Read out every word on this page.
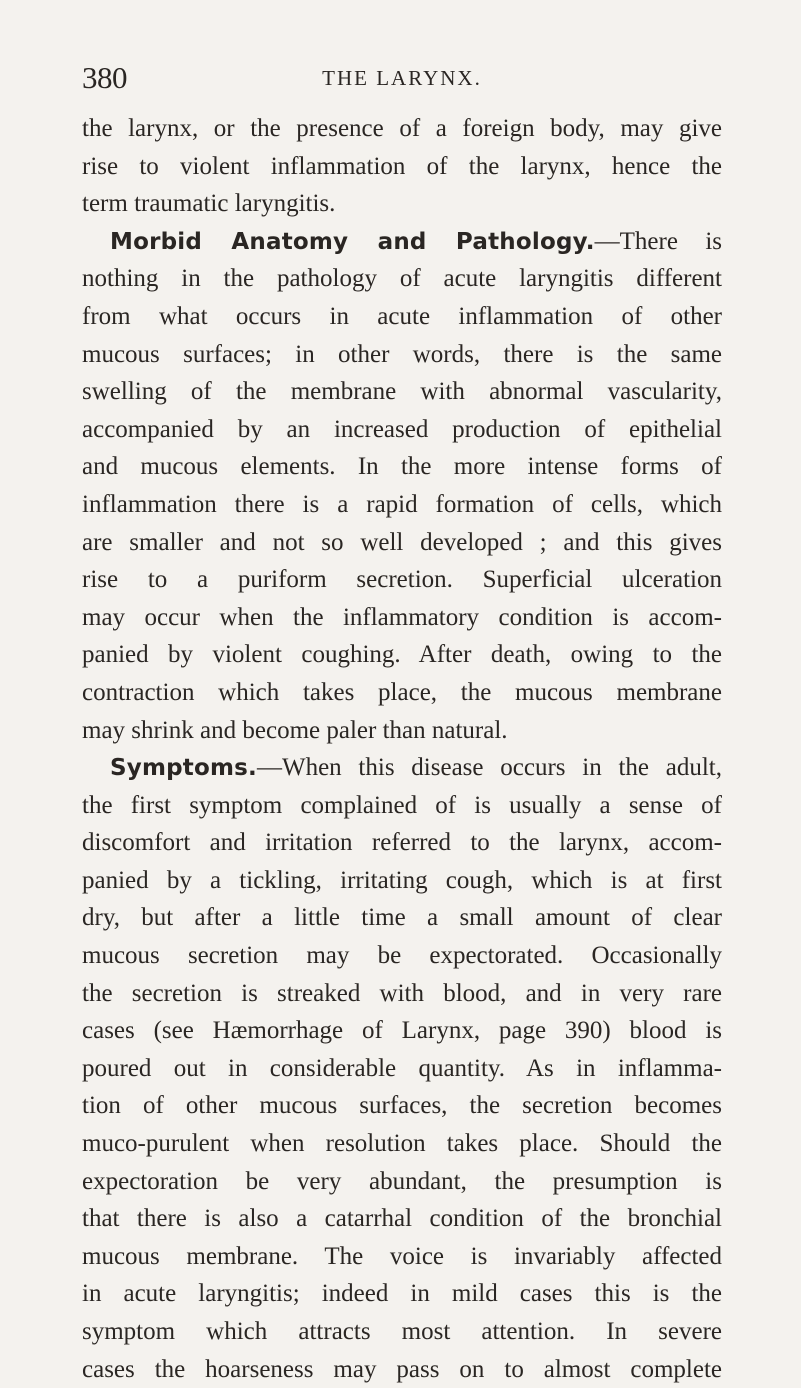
380	THE LARYNX.
the larynx, or the presence of a foreign body, may give
rise to violent inflammation of the larynx, hence the
term traumatic laryngitis.
Morbid Anatomy and Pathology.—There is
nothing in the pathology of acute laryngitis different
from what occurs in acute inflammation of other
mucous surfaces; in other words, there is the same
swelling of the membrane with abnormal vascularity,
accompanied by an increased production of epithelial
and mucous elements. In the more intense forms of
inflammation there is a rapid formation of cells, which
are smaller and not so well developed ; and this gives
rise to a puriform secretion. Superficial ulceration
may occur when the inflammatory condition is accom-
panied by violent coughing. After death, owing to the
contraction which takes place, the mucous membrane
may shrink and become paler than natural.
Symptoms.—When this disease occurs in the adult,
the first symptom complained of is usually a sense of
discomfort and irritation referred to the larynx, accom-
panied by a tickling, irritating cough, which is at first
dry, but after a little time a small amount of clear
mucous secretion may be expectorated. Occasionally
the secretion is streaked with blood, and in very rare
cases (see Hæmorrhage of Larynx, page 390) blood is
poured out in considerable quantity. As in inflamma-
tion of other mucous surfaces, the secretion becomes
muco-purulent when resolution takes place. Should the
expectoration be very abundant, the presumption is
that there is also a catarrhal condition of the bronchial
mucous membrane. The voice is invariably affected
in acute laryngitis; indeed in mild cases this is the
symptom which attracts most attention. In severe
cases the hoarseness may pass on to almost complete
